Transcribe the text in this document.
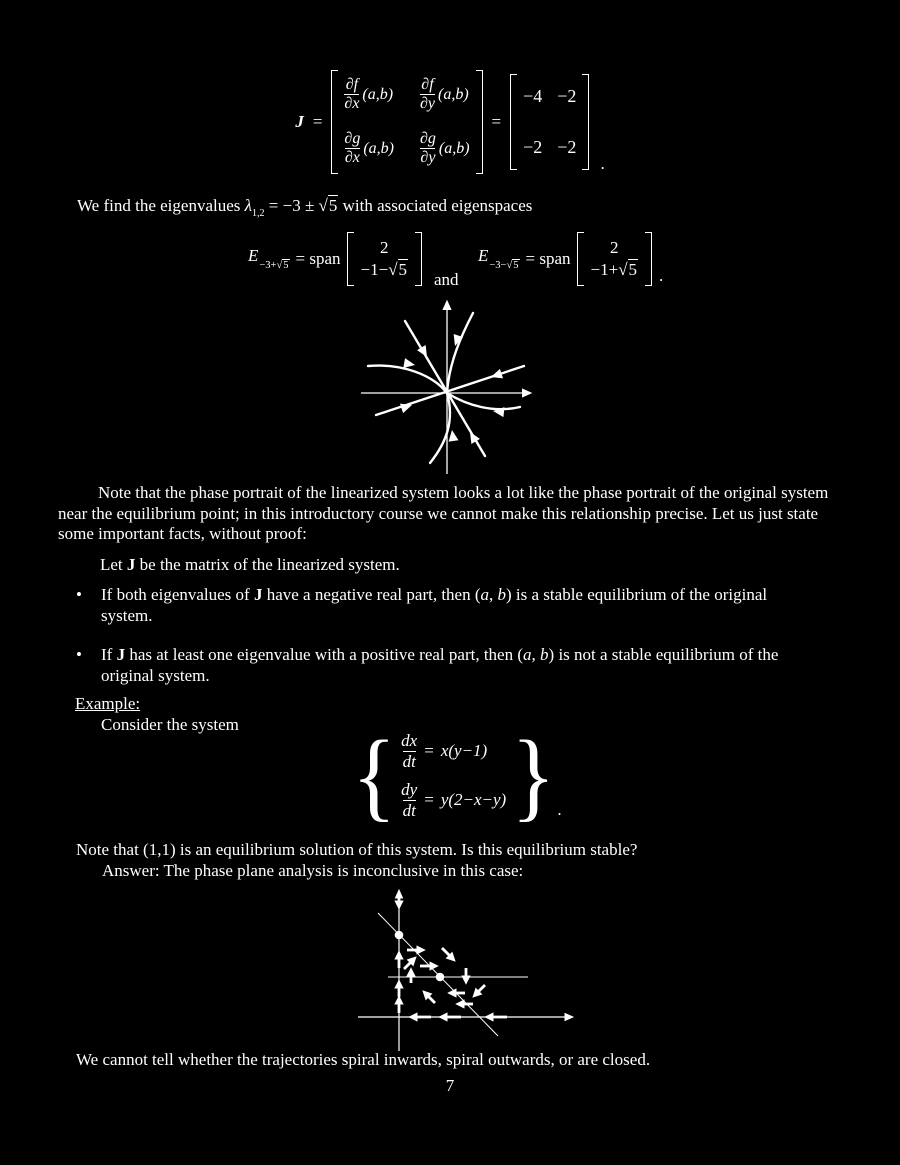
J =
$\frac{\partial f}{\partial x} (a,b) \frac{\partial f}{\partial y} (a,b)$
$\frac{\partial g}{\partial x} (a,b) \frac{\partial g}{\partial y} (a,b)$
=
−4 −2
−2 −2
.
We find the eigenvalues $\lambda_{1,2} = -3 \pm √5$ with associated eigenspaces
$E_{-3+√5}$ = span
2
−1−√5
and
$E_{-3-√5}$ = span
2
−1+√5 .
Note that the phase portrait of the linearized system looks a lot like the phase portrait of the original system near the equilibrium point; in this introductory course we cannot make this relationship precise. Let us just state some important facts, without proof:
Let J be the matrix of the linearized system.
•	If both eigenvalues of J have a negative real part, then (a, b) is a stable equilibrium of the original system.
•	If J has at least one eigenvalue with a positive real part, then (a, b) is not a stable equilibrium of the original system.
Example:
Consider the system { $\frac{dx}{dt} = x(y-1)$
$\frac{dy}{dt} = y(2-x-y)$ } .
Note that (1,1) is an equilibrium solution of this system. Is this equilibrium stable?
Answer: The phase plane analysis is inconclusive in this case:
We cannot tell whether the trajectories spiral inwards, spiral outwards, or are closed.
7
